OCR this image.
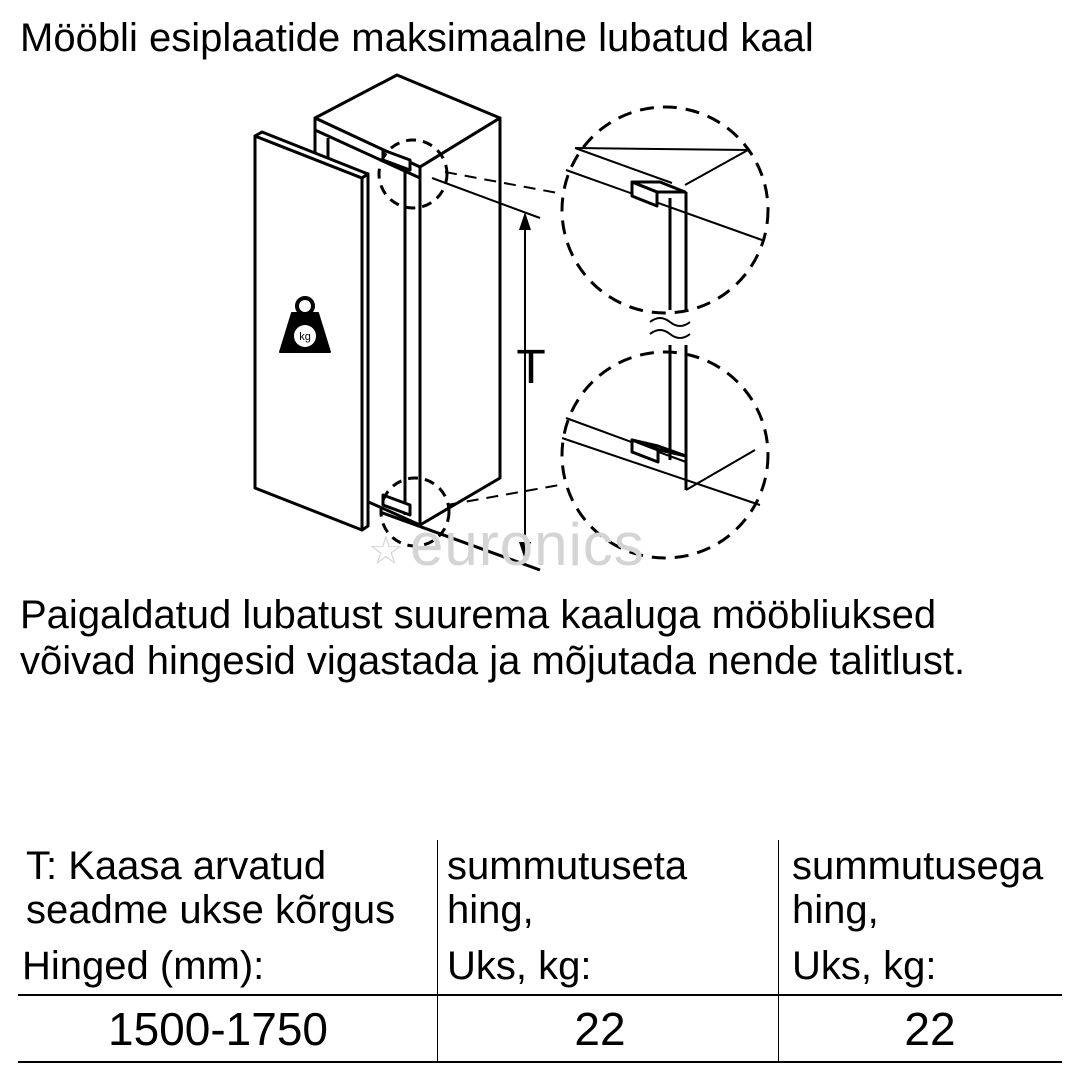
Mööbli esiplaatide maksimaalne lubatud kaal
kg
T
☆ euronics
Paigaldatud lubatust suurema kaaluga mööbliuksed
võivad hingesid vigastada ja mõjutada nende talitlust.
T: Kaasa arvatud
seadme ukse kõrgus
Hinged (mm):
summutuseta
hing,
Uks, kg:
summutusega
hing,
Uks, kg:
1500-1750	22	22
